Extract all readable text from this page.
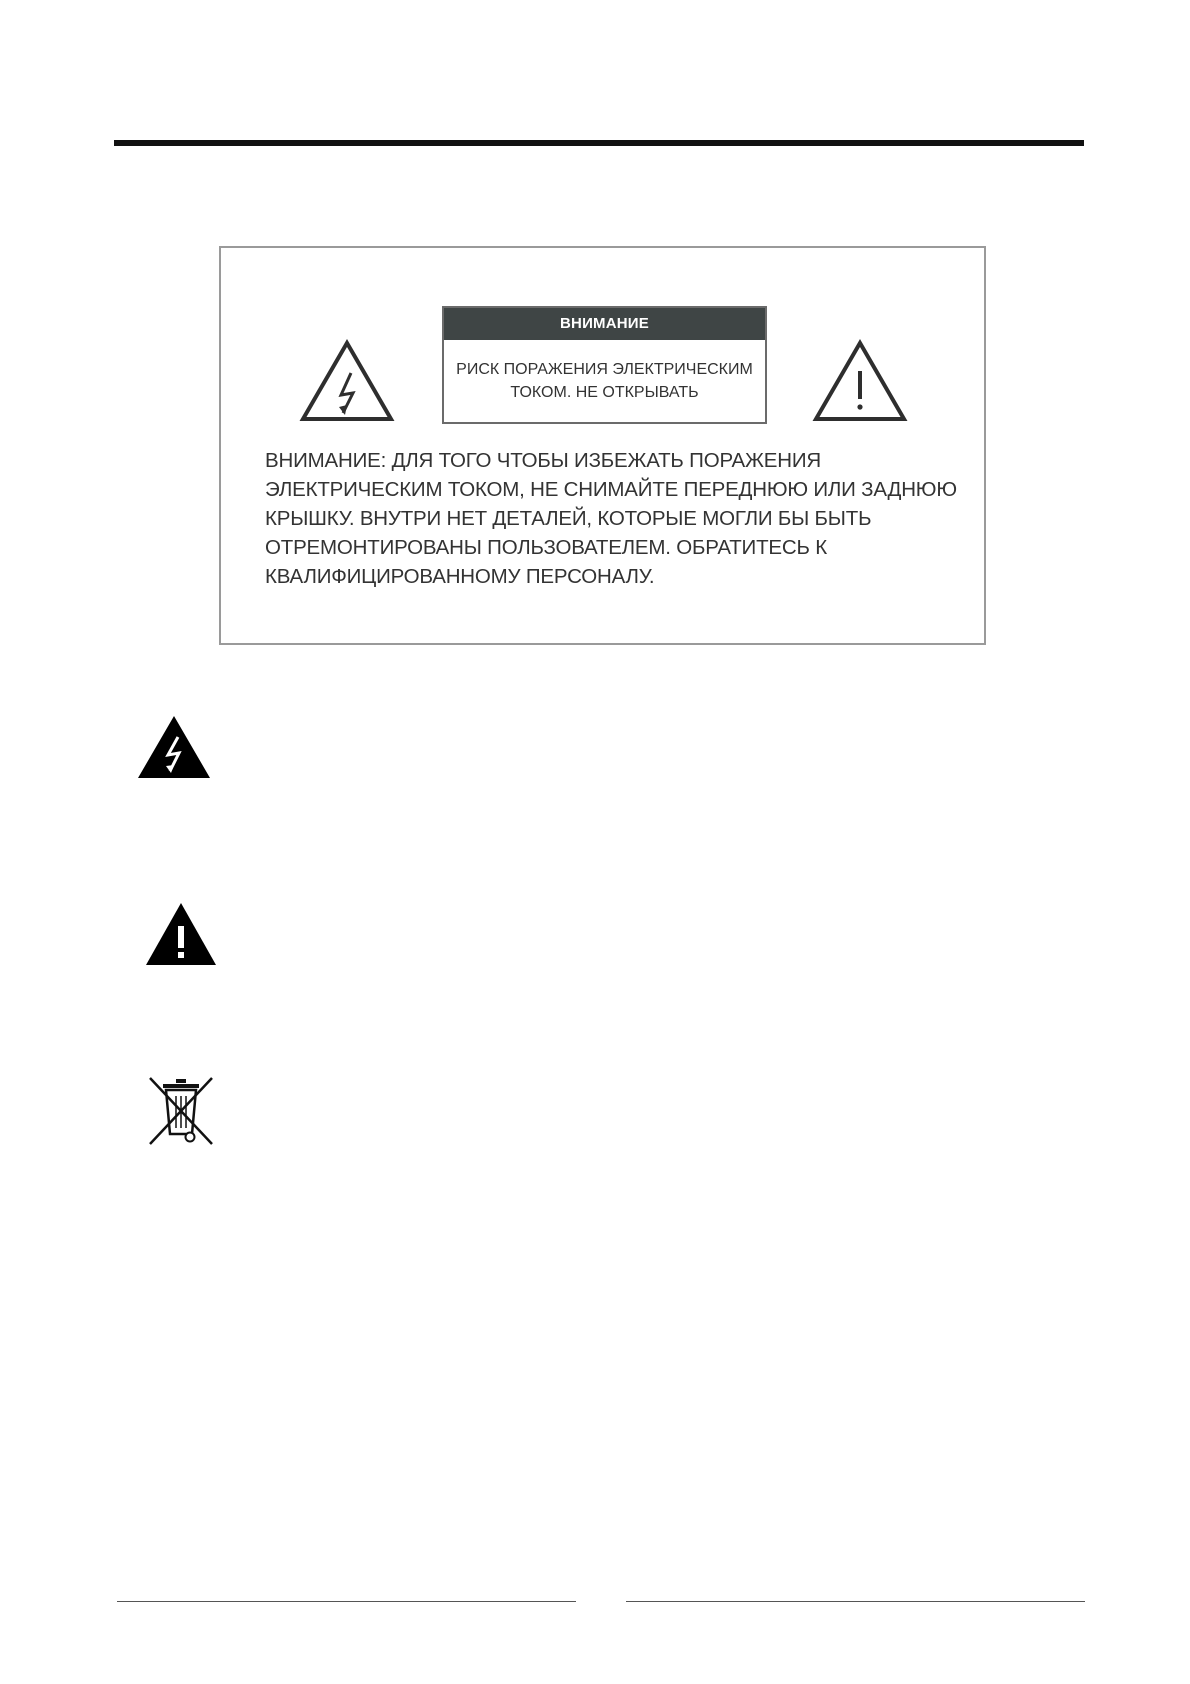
ВНИМАНИЕ
РИСК ПОРАЖЕНИЯ ЭЛЕКТРИЧЕСКИМ
ТОКОМ. НЕ ОТКРЫВАТЬ
ВНИМАНИЕ: ДЛЯ ТОГО ЧТОБЫ ИЗБЕЖАТЬ ПОРАЖЕНИЯ
ЭЛЕКТРИЧЕСКИМ ТОКОМ, НЕ СНИМАЙТЕ ПЕРЕДНЮЮ ИЛИ ЗАДНЮЮ
КРЫШКУ. ВНУТРИ НЕТ ДЕТАЛЕЙ, КОТОРЫЕ МОГЛИ БЫ БЫТЬ
ОТРЕМОНТИРОВАНЫ ПОЛЬЗОВАТЕЛЕМ. ОБРАТИТЕСЬ К
КВАЛИФИЦИРОВАННОМУ ПЕРСОНАЛУ.
